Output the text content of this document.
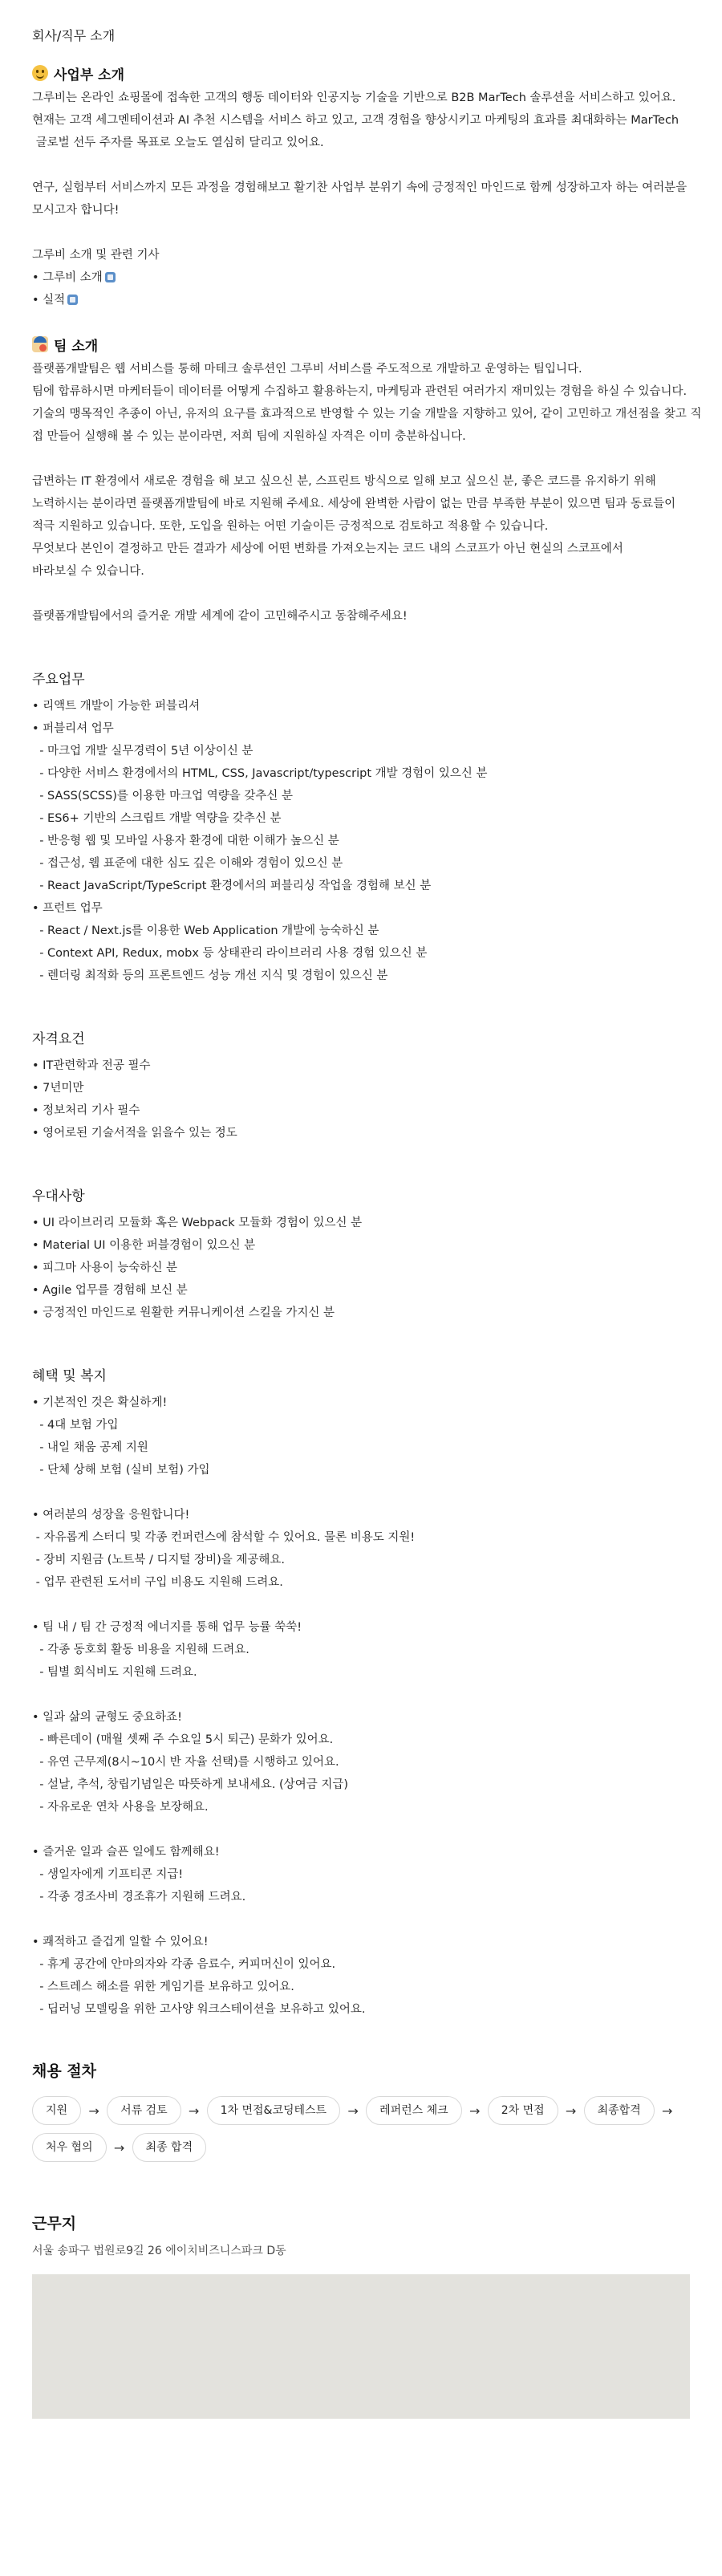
회사/직무 소개
사업부 소개
그루비는 온라인 쇼핑몰에 접속한 고객의 행동 데이터와 인공지능 기술을 기반으로 B2B MarTech 솔루션을 서비스하고 있어요.
현재는 고객 세그멘테이션과 AI 추천 시스템을 서비스 하고 있고, 고객 경험을 향상시키고 마케팅의 효과를 최대화하는 MarTech
글로벌 선두 주자를 목표로 오늘도 열심히 달리고 있어요.
연구, 실험부터 서비스까지 모든 과정을 경험해보고 활기찬 사업부 분위기 속에 긍정적인 마인드로 함께 성장하고자 하는 여러분을
모시고자 합니다!
그루비 소개 및 관련 기사
• 그루비 소개
• 실적
팀 소개
플랫폼개발팀은 웹 서비스를 통해 마테크 솔루션인 그루비 서비스를 주도적으로 개발하고 운영하는 팀입니다.
팀에 합류하시면 마케터들이 데이터를 어떻게 수집하고 활용하는지, 마케팅과 관련된 여러가지 재미있는 경험을 하실 수 있습니다.
기술의 맹목적인 추종이 아닌, 유저의 요구를 효과적으로 반영할 수 있는 기술 개발을 지향하고 있어, 같이 고민하고 개선점을 찾고 직
접 만들어 실행해 볼 수 있는 분이라면, 저희 팀에 지원하실 자격은 이미 충분하십니다.
급변하는 IT 환경에서 새로운 경험을 해 보고 싶으신 분, 스프린트 방식으로 일해 보고 싶으신 분, 좋은 코드를 유지하기 위해
노력하시는 분이라면 플랫폼개발팀에 바로 지원해 주세요. 세상에 완벽한 사람이 없는 만큼 부족한 부분이 있으면 팀과 동료들이
적극 지원하고 있습니다. 또한, 도입을 원하는 어떤 기술이든 긍정적으로 검토하고 적용할 수 있습니다.
무엇보다 본인이 결정하고 만든 결과가 세상에 어떤 변화를 가져오는지는 코드 내의 스코프가 아닌 현실의 스코프에서
바라보실 수 있습니다.
플랫폼개발팀에서의 즐거운 개발 세계에 같이 고민해주시고 동참해주세요!
주요업무
• 리액트 개발이 가능한 퍼블리셔
• 퍼블리셔 업무
- 마크업 개발 실무경력이 5년 이상이신 분
- 다양한 서비스 환경에서의 HTML, CSS, Javascript/typescript 개발 경험이 있으신 분
- SASS(SCSS)를 이용한 마크업 역량을 갖추신 분
- ES6+ 기반의 스크립트 개발 역량을 갖추신 분
- 반응형 웹 및 모바일 사용자 환경에 대한 이해가 높으신 분
- 접근성, 웹 표준에 대한 심도 깊은 이해와 경험이 있으신 분
- React JavaScript/TypeScript 환경에서의 퍼블리싱 작업을 경험해 보신 분
• 프런트 업무
- React / Next.js를 이용한 Web Application 개발에 능숙하신 분
- Context API, Redux, mobx 등 상태관리 라이브러리 사용 경험 있으신 분
- 렌더링 최적화 등의 프론트엔드 성능 개선 지식 및 경험이 있으신 분
자격요건
• IT관련학과 전공 필수
• 7년미만
• 정보처리 기사 필수
• 영어로된 기술서적을 읽을수 있는 정도
우대사항
• UI 라이브러리 모듈화 혹은 Webpack 모듈화 경험이 있으신 분
• Material UI 이용한 퍼블경험이 있으신 분
• 피그마 사용이 능숙하신 분
• Agile 업무를 경험해 보신 분
• 긍정적인 마인드로 원활한 커뮤니케이션 스킬을 가지신 분
혜택 및 복지
• 기본적인 것은 확실하게!
- 4대 보험 가입
- 내일 채움 공제 지원
- 단체 상해 보험 (실비 보험) 가입
• 여러분의 성장을 응원합니다!
- 자유롭게 스터디 및 각종 컨퍼런스에 참석할 수 있어요. 물론 비용도 지원!
- 장비 지원금 (노트북 / 디지털 장비)을 제공해요.
- 업무 관련된 도서비 구입 비용도 지원해 드려요.
• 팀 내 / 팀 간 긍정적 에너지를 통해 업무 능률 쑥쑥!
- 각종 동호회 활동 비용을 지원해 드려요.
- 팀별 회식비도 지원해 드려요.
• 일과 삶의 균형도 중요하죠!
- 빠른데이 (매월 셋째 주 수요일 5시 퇴근) 문화가 있어요.
- 유연 근무제(8시~10시 반 자율 선택)를 시행하고 있어요.
- 설날, 추석, 창립기념일은 따뜻하게 보내세요. (상여금 지급)
- 자유로운 연차 사용을 보장해요.
• 즐거운 일과 슬픈 일에도 함께해요!
- 생일자에게 기프티콘 지급!
- 각종 경조사비 경조휴가 지원해 드려요.
• 쾌적하고 즐겁게 일할 수 있어요!
- 휴게 공간에 안마의자와 각종 음료수, 커피머신이 있어요.
- 스트레스 해소를 위한 게임기를 보유하고 있어요.
- 딥러닝 모델링을 위한 고사양 워크스테이션을 보유하고 있어요.
채용 절차
지원	→	서류 검토	→	1차 면접&코딩테스트	→	레퍼런스 체크	→	2차 면접	→	최종합격	→
처우 협의	→	최종 합격
근무지
서울 송파구 법원로9길 26 에이치비즈니스파크 D동
